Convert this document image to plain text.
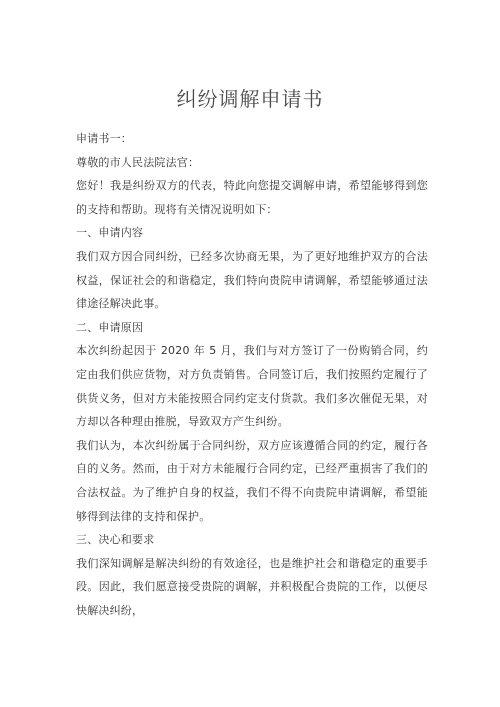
纠纷调解申请书

申请书一：

尊敬的市人民法院法官：

您好！我是纠纷双方的代表，特此向您提交调解申请，希望能够得到您的支持和帮助。现将有关情况说明如下：

一、申请内容

我们双方因合同纠纷，已经多次协商无果，为了更好地维护双方的合法权益，保证社会的和谐稳定，我们特向贵院申请调解，希望能够通过法律途径解决此事。

二、申请原因

本次纠纷起因于 2020 年 5 月，我们与对方签订了一份购销合同，约定由我们供应货物，对方负责销售。合同签订后，我们按照约定履行了供货义务，但对方未能按照合同约定支付货款。我们多次催促无果，对方却以各种理由推脱，导致双方产生纠纷。

我们认为，本次纠纷属于合同纠纷，双方应该遵循合同的约定，履行各自的义务。然而，由于对方未能履行合同约定，已经严重损害了我们的合法权益。为了维护自身的权益，我们不得不向贵院申请调解，希望能够得到法律的支持和保护。

三、决心和要求

我们深知调解是解决纠纷的有效途径，也是维护社会和谐稳定的重要手段。因此，我们愿意接受贵院的调解，并积极配合贵院的工作，以便尽快解决纠纷，
